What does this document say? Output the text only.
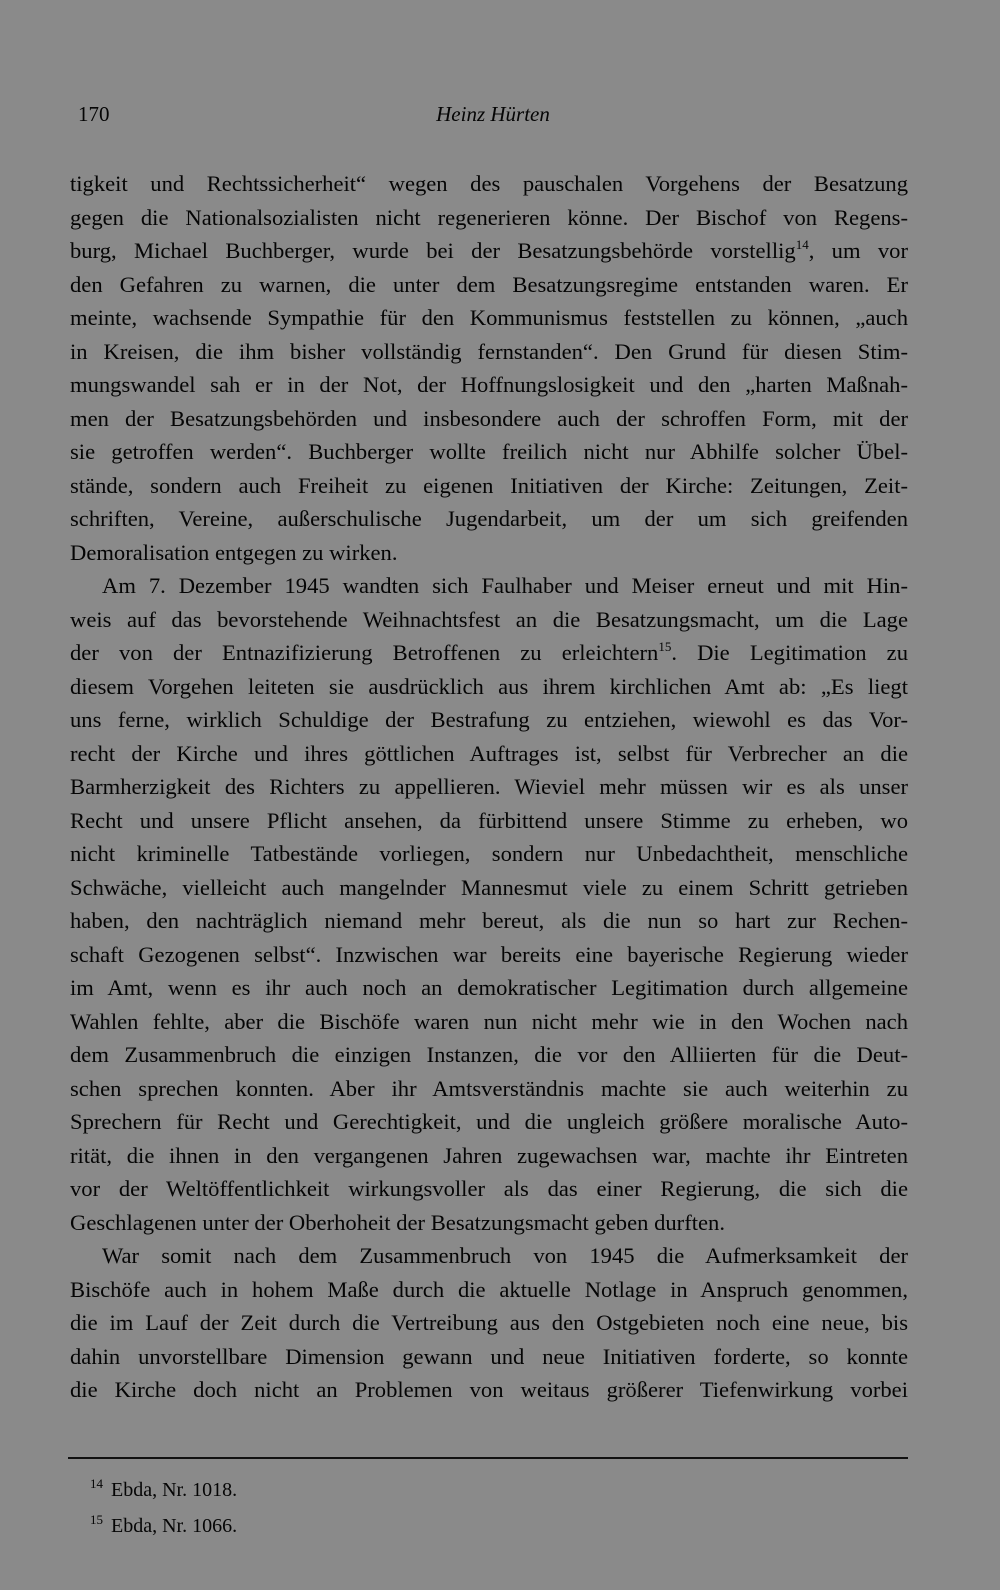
170	Heinz Hürten
tigkeit und Rechtssicherheit“ wegen des pauschalen Vorgehens der Besatzung
gegen die Nationalsozialisten nicht regenerieren könne. Der Bischof von Regens-
burg, Michael Buchberger, wurde bei der Besatzungsbehörde vorstellig$^{14}$, um vor
den Gefahren zu warnen, die unter dem Besatzungsregime entstanden waren. Er
meinte, wachsende Sympathie für den Kommunismus feststellen zu können, „auch
in Kreisen, die ihm bisher vollständig fernstanden“. Den Grund für diesen Stim-
mungswandel sah er in der Not, der Hoffnungslosigkeit und den „harten Maßnah-
men der Besatzungsbehörden und insbesondere auch der schroffen Form, mit der
sie getroffen werden“. Buchberger wollte freilich nicht nur Abhilfe solcher Übel-
stände, sondern auch Freiheit zu eigenen Initiativen der Kirche: Zeitungen, Zeit-
schriften, Vereine, außerschulische Jugendarbeit, um der um sich greifenden
Demoralisation entgegen zu wirken.
Am 7. Dezember 1945 wandten sich Faulhaber und Meiser erneut und mit Hin-
weis auf das bevorstehende Weihnachtsfest an die Besatzungsmacht, um die Lage
der von der Entnazifizierung Betroffenen zu erleichtern$^{15}$. Die Legitimation zu
diesem Vorgehen leiteten sie ausdrücklich aus ihrem kirchlichen Amt ab: „Es liegt
uns ferne, wirklich Schuldige der Bestrafung zu entziehen, wiewohl es das Vor-
recht der Kirche und ihres göttlichen Auftrages ist, selbst für Verbrecher an die
Barmherzigkeit des Richters zu appellieren. Wieviel mehr müssen wir es als unser
Recht und unsere Pflicht ansehen, da fürbittend unsere Stimme zu erheben, wo
nicht kriminelle Tatbestände vorliegen, sondern nur Unbedachtheit, menschliche
Schwäche, vielleicht auch mangelnder Mannesmut viele zu einem Schritt getrieben
haben, den nachträglich niemand mehr bereut, als die nun so hart zur Rechen-
schaft Gezogenen selbst“. Inzwischen war bereits eine bayerische Regierung wieder
im Amt, wenn es ihr auch noch an demokratischer Legitimation durch allgemeine
Wahlen fehlte, aber die Bischöfe waren nun nicht mehr wie in den Wochen nach
dem Zusammenbruch die einzigen Instanzen, die vor den Alliierten für die Deut-
schen sprechen konnten. Aber ihr Amtsverständnis machte sie auch weiterhin zu
Sprechern für Recht und Gerechtigkeit, und die ungleich größere moralische Auto-
rität, die ihnen in den vergangenen Jahren zugewachsen war, machte ihr Eintreten
vor der Weltöffentlichkeit wirkungsvoller als das einer Regierung, die sich die
Geschlagenen unter der Oberhoheit der Besatzungsmacht geben durften.
War somit nach dem Zusammenbruch von 1945 die Aufmerksamkeit der
Bischöfe auch in hohem Maße durch die aktuelle Notlage in Anspruch genommen,
die im Lauf der Zeit durch die Vertreibung aus den Ostgebieten noch eine neue, bis
dahin unvorstellbare Dimension gewann und neue Initiativen forderte, so konnte
die Kirche doch nicht an Problemen von weitaus größerer Tiefenwirkung vorbei
$^{14}$ Ebda, Nr. 1018.
$^{15}$ Ebda, Nr. 1066.
